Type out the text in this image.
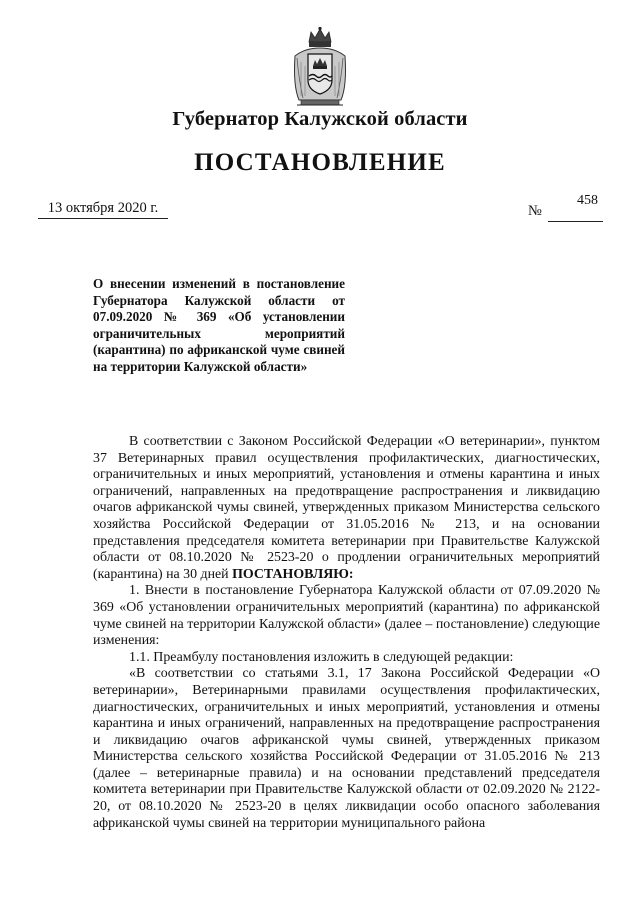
Губернатор Калужской области
ПОСТАНОВЛЕНИЕ
13 октября 2020 г.	№
458
О внесении изменений в постановление Губернатора Калужской области от 07.09.2020 № 369 «Об установлении ограничительных мероприятий (карантина) по африканской чуме свиней на территории Калужской области»

В соответствии с Законом Российской Федерации «О ветеринарии», пунктом 37 Ветеринарных правил осуществления профилактических, диагностических, ограничительных и иных мероприятий, установления и отмены карантина и иных ограничений, направленных на предотвращение распространения и ликвидацию очагов африканской чумы свиней, утвержденных приказом Министерства сельского хозяйства Российской Федерации от 31.05.2016 № 213, и на основании представления председателя комитета ветеринарии при Правительстве Калужской области от 08.10.2020 № 2523-20 о продлении ограничительных мероприятий (карантина) на 30 дней ПОСТАНОВЛЯЮ:

1. Внести в постановление Губернатора Калужской области от 07.09.2020 № 369 «Об установлении ограничительных мероприятий (карантина) по африканской чуме свиней на территории Калужской области» (далее – постановление) следующие изменения:

1.1. Преамбулу постановления изложить в следующей редакции:

«В соответствии со статьями 3.1, 17 Закона Российской Федерации «О ветеринарии», Ветеринарными правилами осуществления профилактических, диагностических, ограничительных и иных мероприятий, установления и отмены карантина и иных ограничений, направленных на предотвращение распространения и ликвидацию очагов африканской чумы свиней, утвержденных приказом Министерства сельского хозяйства Российской Федерации от 31.05.2016 № 213 (далее – ветеринарные правила) и на основании представлений председателя комитета ветеринарии при Правительстве Калужской области от 02.09.2020 № 2122-20, от 08.10.2020 № 2523-20 в целях ликвидации особо опасного заболевания африканской чумы свиней на территории муниципального района
